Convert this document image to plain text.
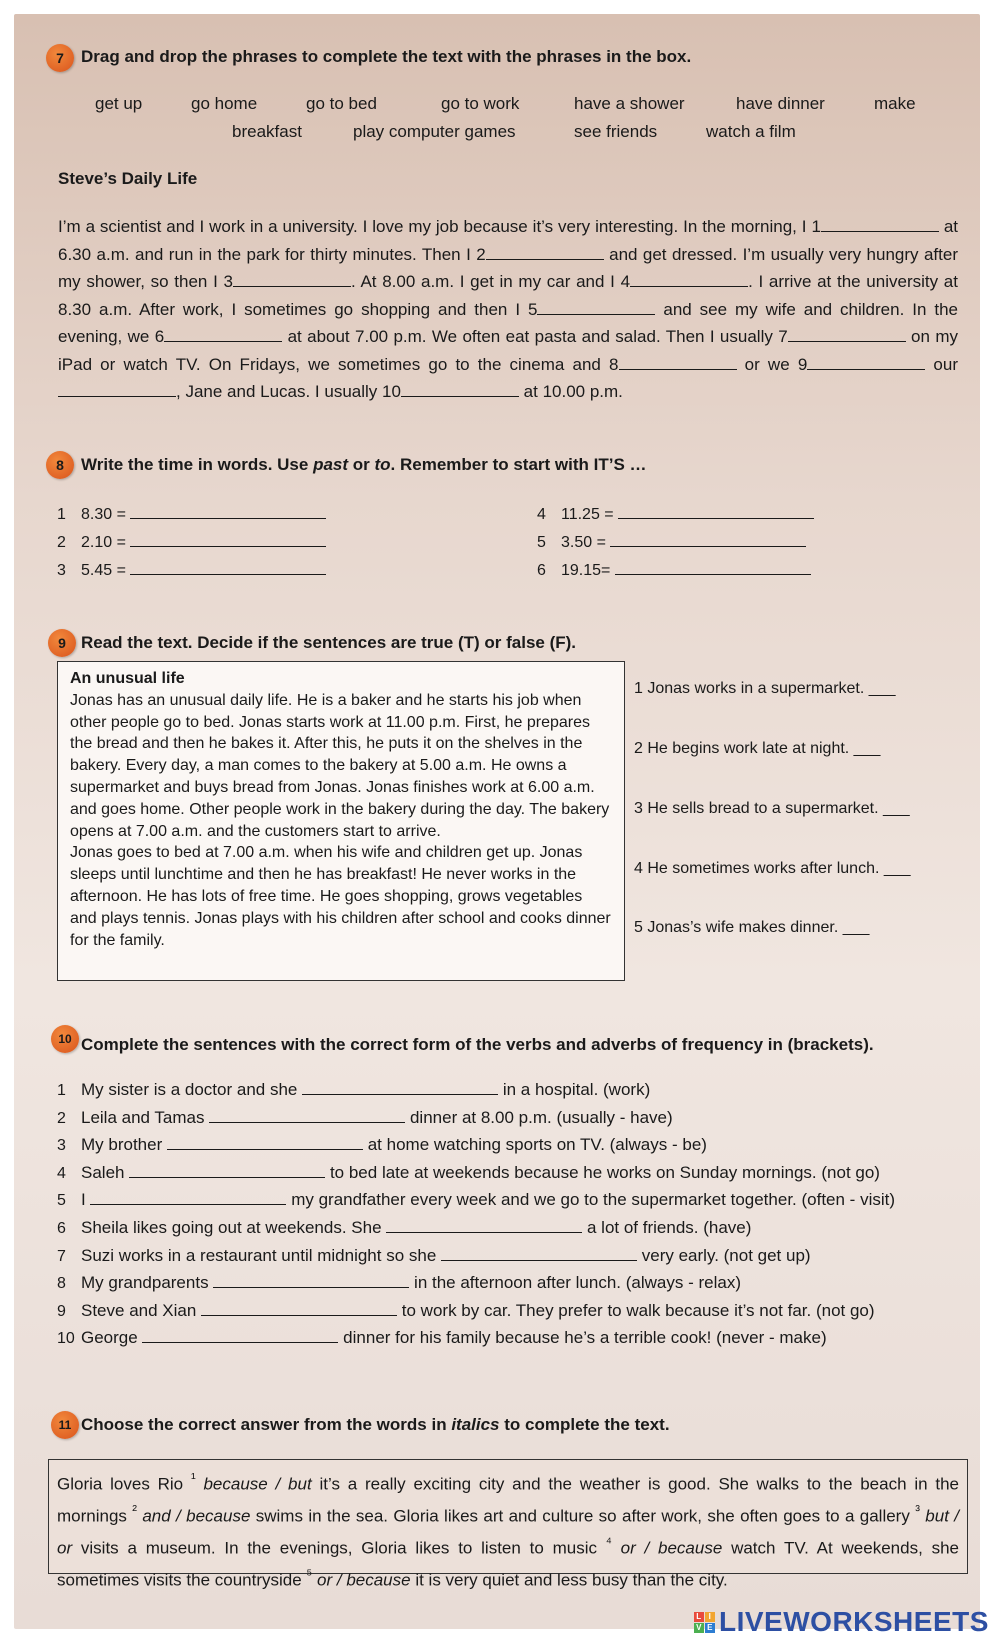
7	Drag and drop the phrases to complete the text with the phrases in the box.
get up	go home	go to bed	go to work	have a shower	have dinner	make
breakfast	play computer games	see friends	watch a film
Steve’s Daily Life
I’m a scientist and I work in a university. I love my job because it’s very interesting. In the morning, I 1	at 6.30 a.m. and run in the park for thirty minutes. Then I 2	and get dressed. I’m usually very hungry after my shower, so then I 3	. At 8.00 a.m. I get in my car and I 4	. I arrive at the university at 8.30 a.m. After work, I sometimes go shopping and then I 5	and see my wife and children. In the evening, we 6	at about 7.00 p.m. We often eat pasta and salad. Then I usually 7	on my iPad or watch TV. On Fridays, we sometimes go to the cinema and 8	or we 9	our , Jane and Lucas. I usually 10	at 10.00 p.m.
8	Write the time in words. Use past or to. Remember to start with IT’S …
1 8.30 =
2 2.10 =
3 5.45 =
4 11.25 =
5 3.50 =
6 19.15=
9 Read the text. Decide if the sentences are true (T) or false (F).
An unusual life
Jonas has an unusual daily life. He is a baker and he starts his job when other people go to bed. Jonas starts work at 11.00 p.m. First, he prepares the bread and then he bakes it. After this, he puts it on the shelves in the bakery. Every day, a man comes to the bakery at 5.00 a.m. He owns a supermarket and buys bread from Jonas. Jonas finishes work at 6.00 a.m. and goes home. Other people work in the bakery during the day. The bakery opens at 7.00 a.m. and the customers start to arrive.
Jonas goes to bed at 7.00 a.m. when his wife and children get up. Jonas sleeps until lunchtime and then he has breakfast! He never works in the afternoon. He has lots of free time. He goes shopping, grows vegetables and plays tennis. Jonas plays with his children after school and cooks dinner for the family.
1 Jonas works in a supermarket. ___
2 He begins work late at night. ___
3 He sells bread to a supermarket. ___
4 He sometimes works after lunch. ___
5 Jonas’s wife makes dinner. ___
10 Complete the sentences with the correct form of the verbs and adverbs of frequency in (brackets).
1 My sister is a doctor and she	in a hospital. (work)
2 Leila and Tamas	dinner at 8.00 p.m. (usually - have)
3 My brother	at home watching sports on TV. (always - be)
4 Saleh	to bed late at weekends because he works on Sunday mornings. (not go)
5 I	my grandfather every week and we go to the supermarket together. (often - visit)
6 Sheila likes going out at weekends. She	a lot of friends. (have)
7 Suzi works in a restaurant until midnight so she	very early. (not get up)
8 My grandparents	in the afternoon after lunch. (always - relax)
9 Steve and Xian	to work by car. They prefer to walk because it’s not far. (not go)
10 George	dinner for his family because he’s a terrible cook! (never - make)
11 Choose the correct answer from the words in italics to complete the text.
Gloria loves Rio $^{^1}$ because / but it’s a really exciting city and the weather is good. She walks to the beach in the mornings $^{^2}$ and / because swims in the sea. Gloria likes art and culture so after work, she often goes to a gallery $^{^3}$ but / or visits a museum. In the evenings, Gloria likes to listen to music $^{^4}$ or / because watch TV. At weekends, she sometimes visits the countryside $^{^5}$ or / because it is very quiet and less busy than the city.
L I
V E LIVEWORKSHEETS
